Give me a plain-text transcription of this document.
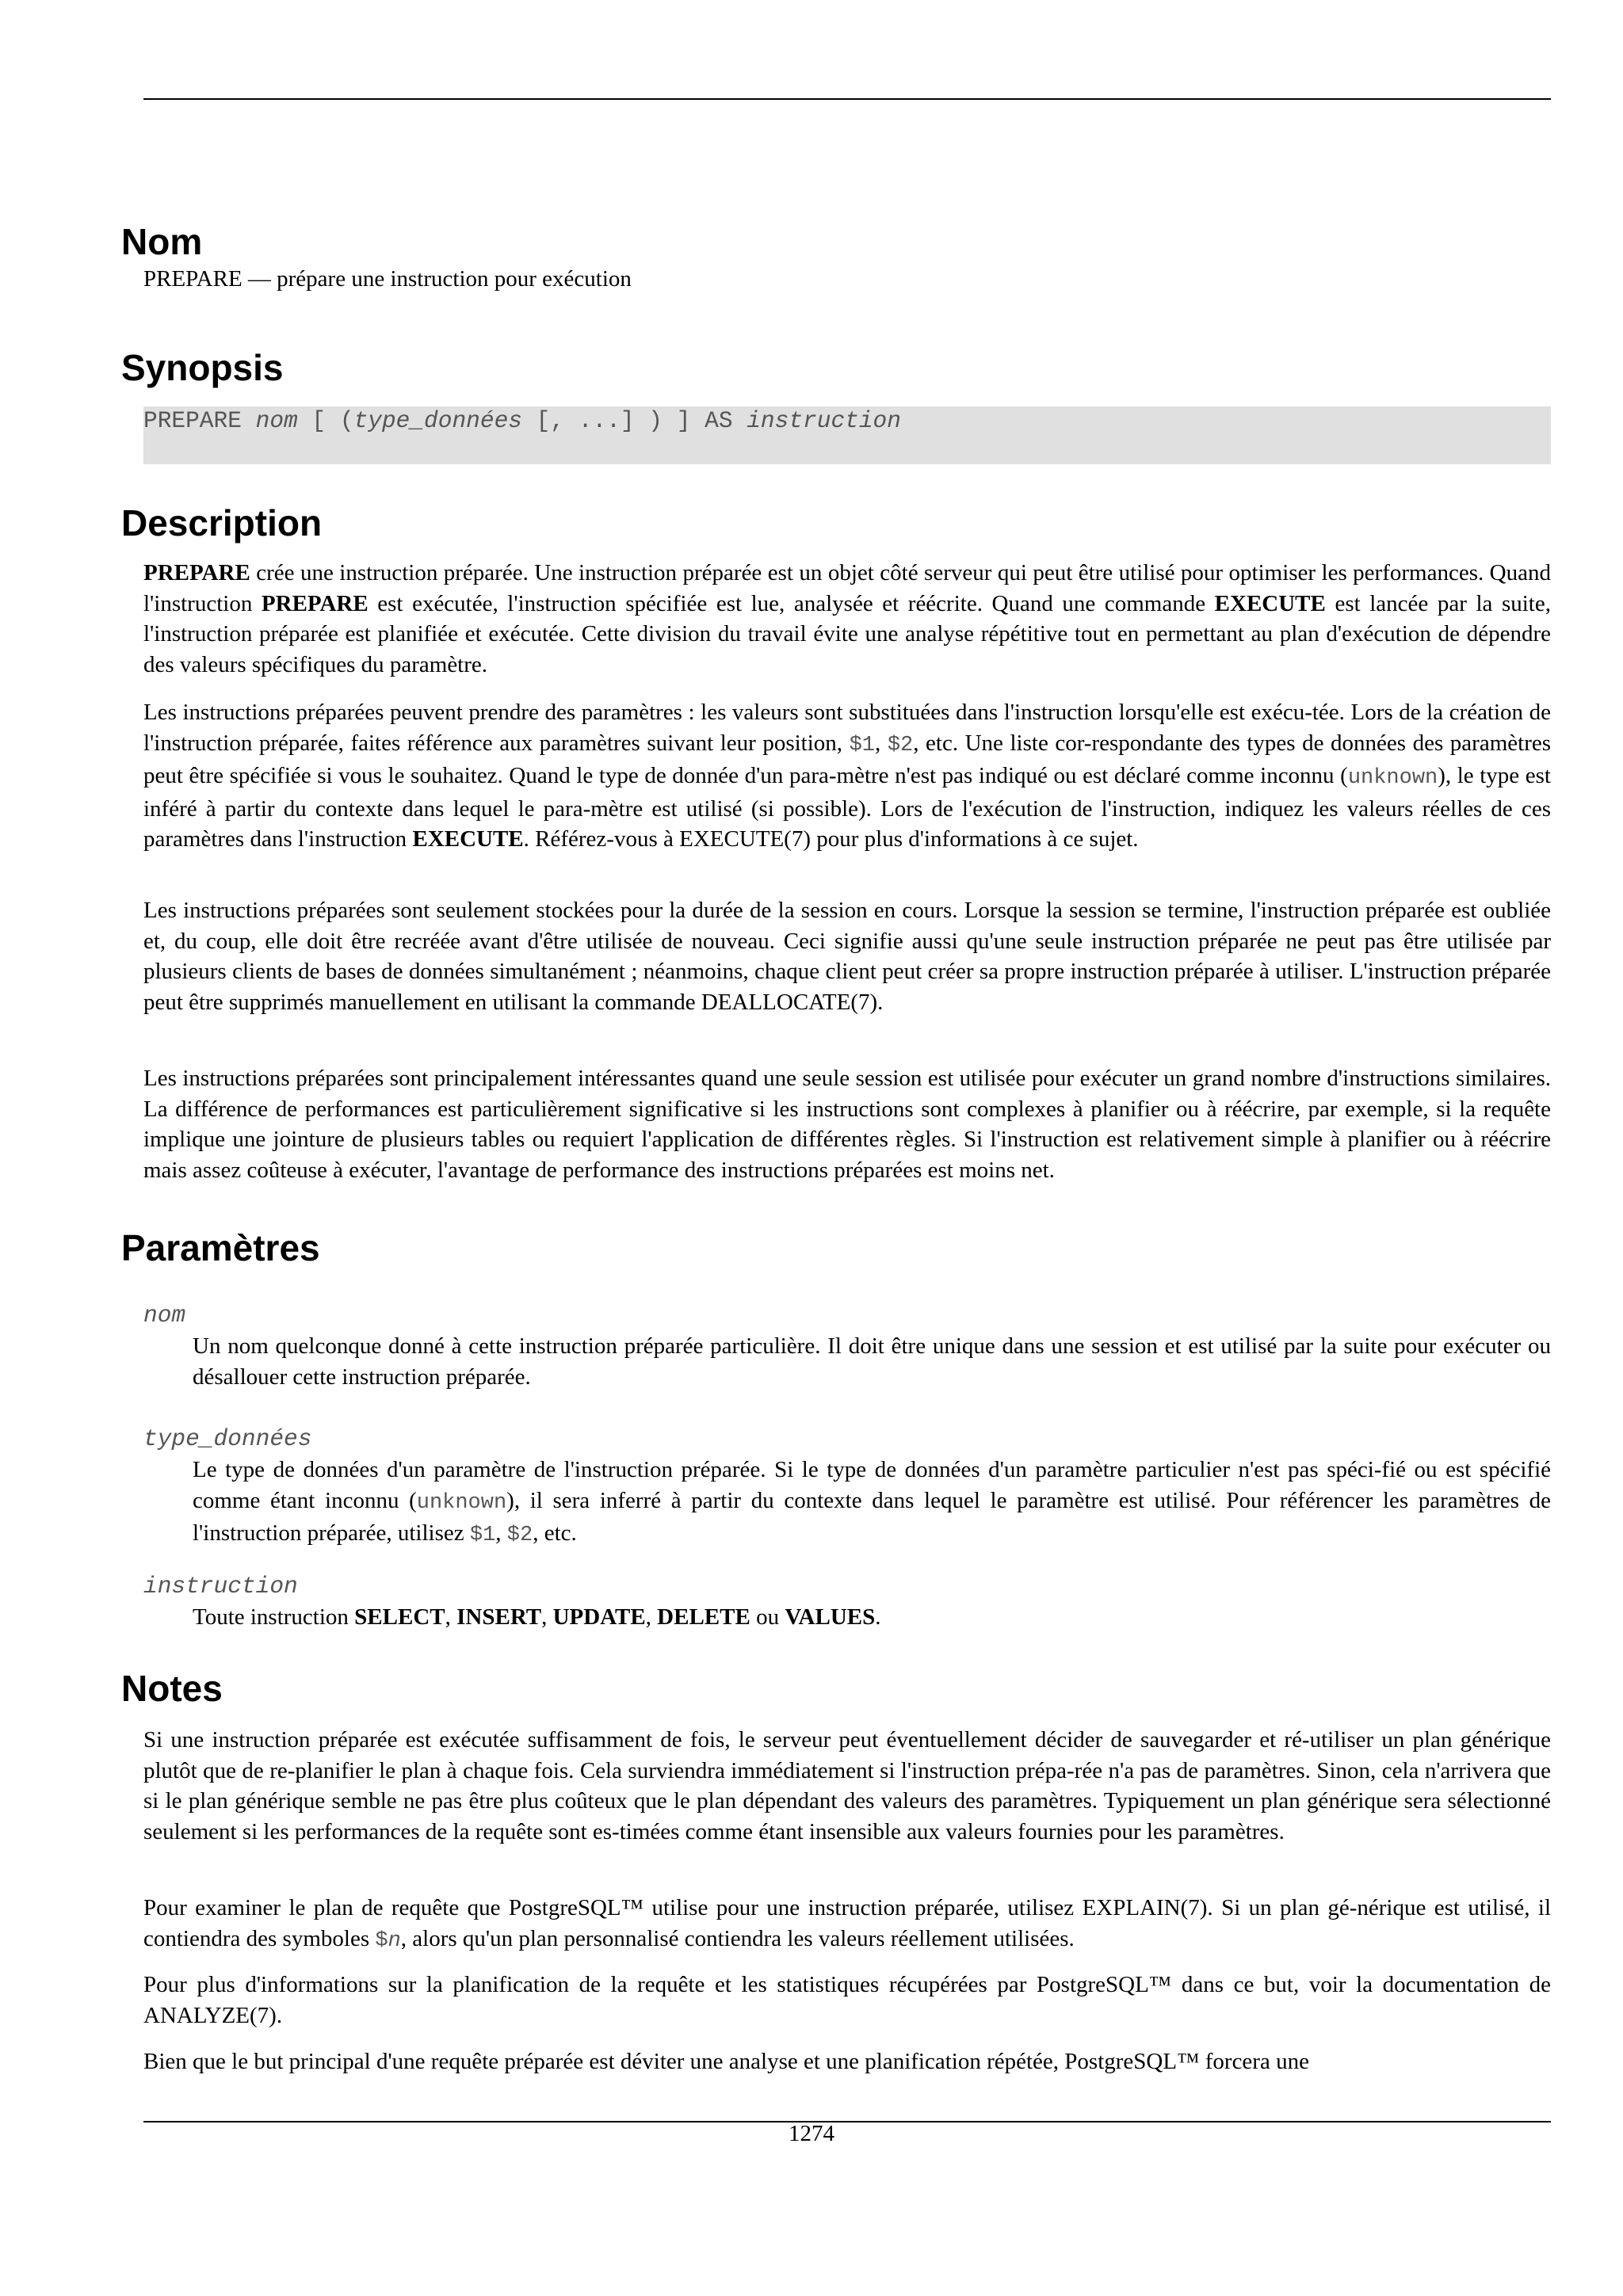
Nom

PREPARE — prépare une instruction pour exécution

Synopsis

PREPARE nom [ (type_données [, ...] ) ] AS instruction

Description

PREPARE crée une instruction préparée. Une instruction préparée est un objet côté serveur qui peut être utilisé pour optimiser les performances. Quand l'instruction PREPARE est exécutée, l'instruction spécifiée est lue, analysée et réécrite. Quand une commande EXECUTE est lancée par la suite, l'instruction préparée est planifiée et exécutée. Cette division du travail évite une analyse répétitive tout en permettant au plan d'exécution de dépendre des valeurs spécifiques du paramètre.

Les instructions préparées peuvent prendre des paramètres : les valeurs sont substituées dans l'instruction lorsqu'elle est exécu-tée. Lors de la création de l'instruction préparée, faites référence aux paramètres suivant leur position, $1, $2, etc. Une liste cor-respondante des types de données des paramètres peut être spécifiée si vous le souhaitez. Quand le type de donnée d'un para-mètre n'est pas indiqué ou est déclaré comme inconnu (unknown), le type est inféré à partir du contexte dans lequel le para-mètre est utilisé (si possible). Lors de l'exécution de l'instruction, indiquez les valeurs réelles de ces paramètres dans l'instruction EXECUTE. Référez-vous à EXECUTE(7) pour plus d'informations à ce sujet.

Les instructions préparées sont seulement stockées pour la durée de la session en cours. Lorsque la session se termine, l'instruction préparée est oubliée et, du coup, elle doit être recréée avant d'être utilisée de nouveau. Ceci signifie aussi qu'une seule instruction préparée ne peut pas être utilisée par plusieurs clients de bases de données simultanément ; néanmoins, chaque client peut créer sa propre instruction préparée à utiliser. L'instruction préparée peut être supprimés manuellement en utilisant la commande DEALLOCATE(7).

Les instructions préparées sont principalement intéressantes quand une seule session est utilisée pour exécuter un grand nombre d'instructions similaires. La différence de performances est particulièrement significative si les instructions sont complexes à planifier ou à réécrire, par exemple, si la requête implique une jointure de plusieurs tables ou requiert l'application de différentes règles. Si l'instruction est relativement simple à planifier ou à réécrire mais assez coûteuse à exécuter, l'avantage de performance des instructions préparées est moins net.

Paramètres

nom

Un nom quelconque donné à cette instruction préparée particulière. Il doit être unique dans une session et est utilisé par la suite pour exécuter ou désallouer cette instruction préparée.

type_données

Le type de données d'un paramètre de l'instruction préparée. Si le type de données d'un paramètre particulier n'est pas spéci-fié ou est spécifié comme étant inconnu (unknown), il sera inferré à partir du contexte dans lequel le paramètre est utilisé. Pour référencer les paramètres de l'instruction préparée, utilisez $1, $2, etc.

instruction

Toute instruction SELECT, INSERT, UPDATE, DELETE ou VALUES.

Notes

Si une instruction préparée est exécutée suffisamment de fois, le serveur peut éventuellement décider de sauvegarder et ré-utiliser un plan générique plutôt que de re-planifier le plan à chaque fois. Cela surviendra immédiatement si l'instruction prépa-rée n'a pas de paramètres. Sinon, cela n'arrivera que si le plan générique semble ne pas être plus coûteux que le plan dépendant des valeurs des paramètres. Typiquement un plan générique sera sélectionné seulement si les performances de la requête sont es-timées comme étant insensible aux valeurs fournies pour les paramètres.

Pour examiner le plan de requête que PostgreSQL™ utilise pour une instruction préparée, utilisez EXPLAIN(7). Si un plan gé-nérique est utilisé, il contiendra des symboles $n, alors qu'un plan personnalisé contiendra les valeurs réellement utilisées.

Pour plus d'informations sur la planification de la requête et les statistiques récupérées par PostgreSQL™ dans ce but, voir la documentation de ANALYZE(7).

Bien que le but principal d'une requête préparée est déviter une analyse et une planification répétée, PostgreSQL™ forcera une

1274
